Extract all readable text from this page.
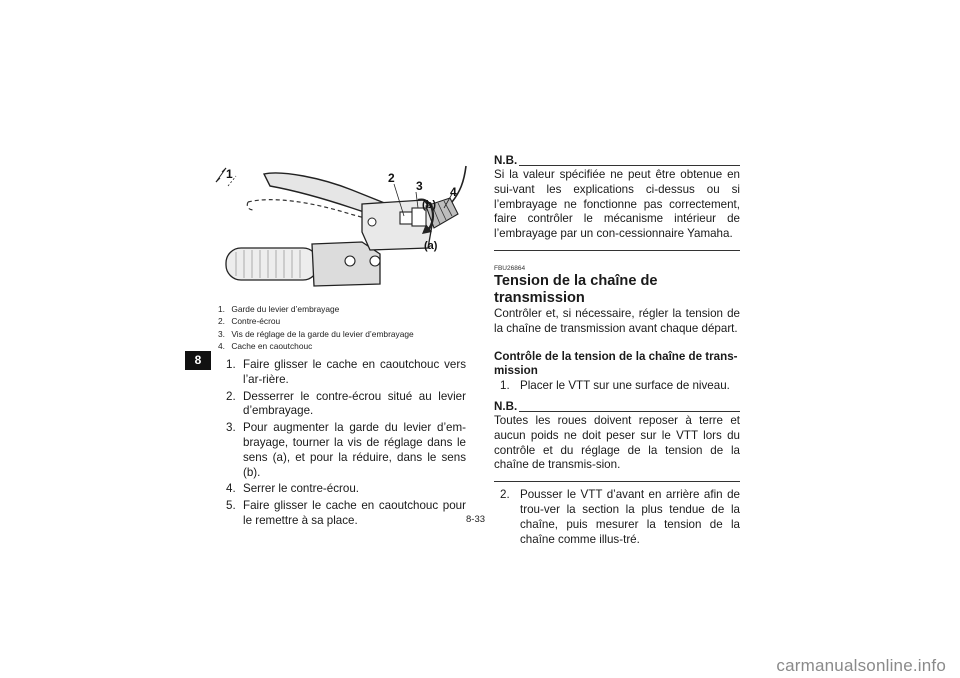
8
1	2
3 4
(b)
(a)
1. Garde du levier d’embrayage
2. Contre-écrou
3. Vis de réglage de la garde du levier d’embrayage
4. Cache en caoutchouc
1. Faire glisser le cache en caoutchouc vers l’ar-rière.
2. Desserrer le contre-écrou situé au levier d’embrayage.
3. Pour augmenter la garde du levier d’em-brayage, tourner la vis de réglage dans le sens (a), et pour la réduire, dans le sens (b).
4. Serrer le contre-écrou.
5. Faire glisser le cache en caoutchouc pour le remettre à sa place.
N.B.
Si la valeur spécifiée ne peut être obtenue en sui-vant les explications ci-dessus ou si l’embrayage ne fonctionne pas correctement, faire contrôler le mécanisme intérieur de l’embrayage par un con-cessionnaire Yamaha.
FBU26864
Tension de la chaîne de transmission
Contrôler et, si nécessaire, régler la tension de la chaîne de transmission avant chaque départ.
Contrôle de la tension de la chaîne de trans-mission
1. Placer le VTT sur une surface de niveau.
N.B.
Toutes les roues doivent reposer à terre et aucun poids ne doit peser sur le VTT lors du contrôle et du réglage de la tension de la chaîne de transmis-sion.
2. Pousser le VTT d’avant en arrière afin de trou-ver la section la plus tendue de la chaîne, puis mesurer la tension de la chaîne comme illus-tré.
8-33
carmanualsonline.info
